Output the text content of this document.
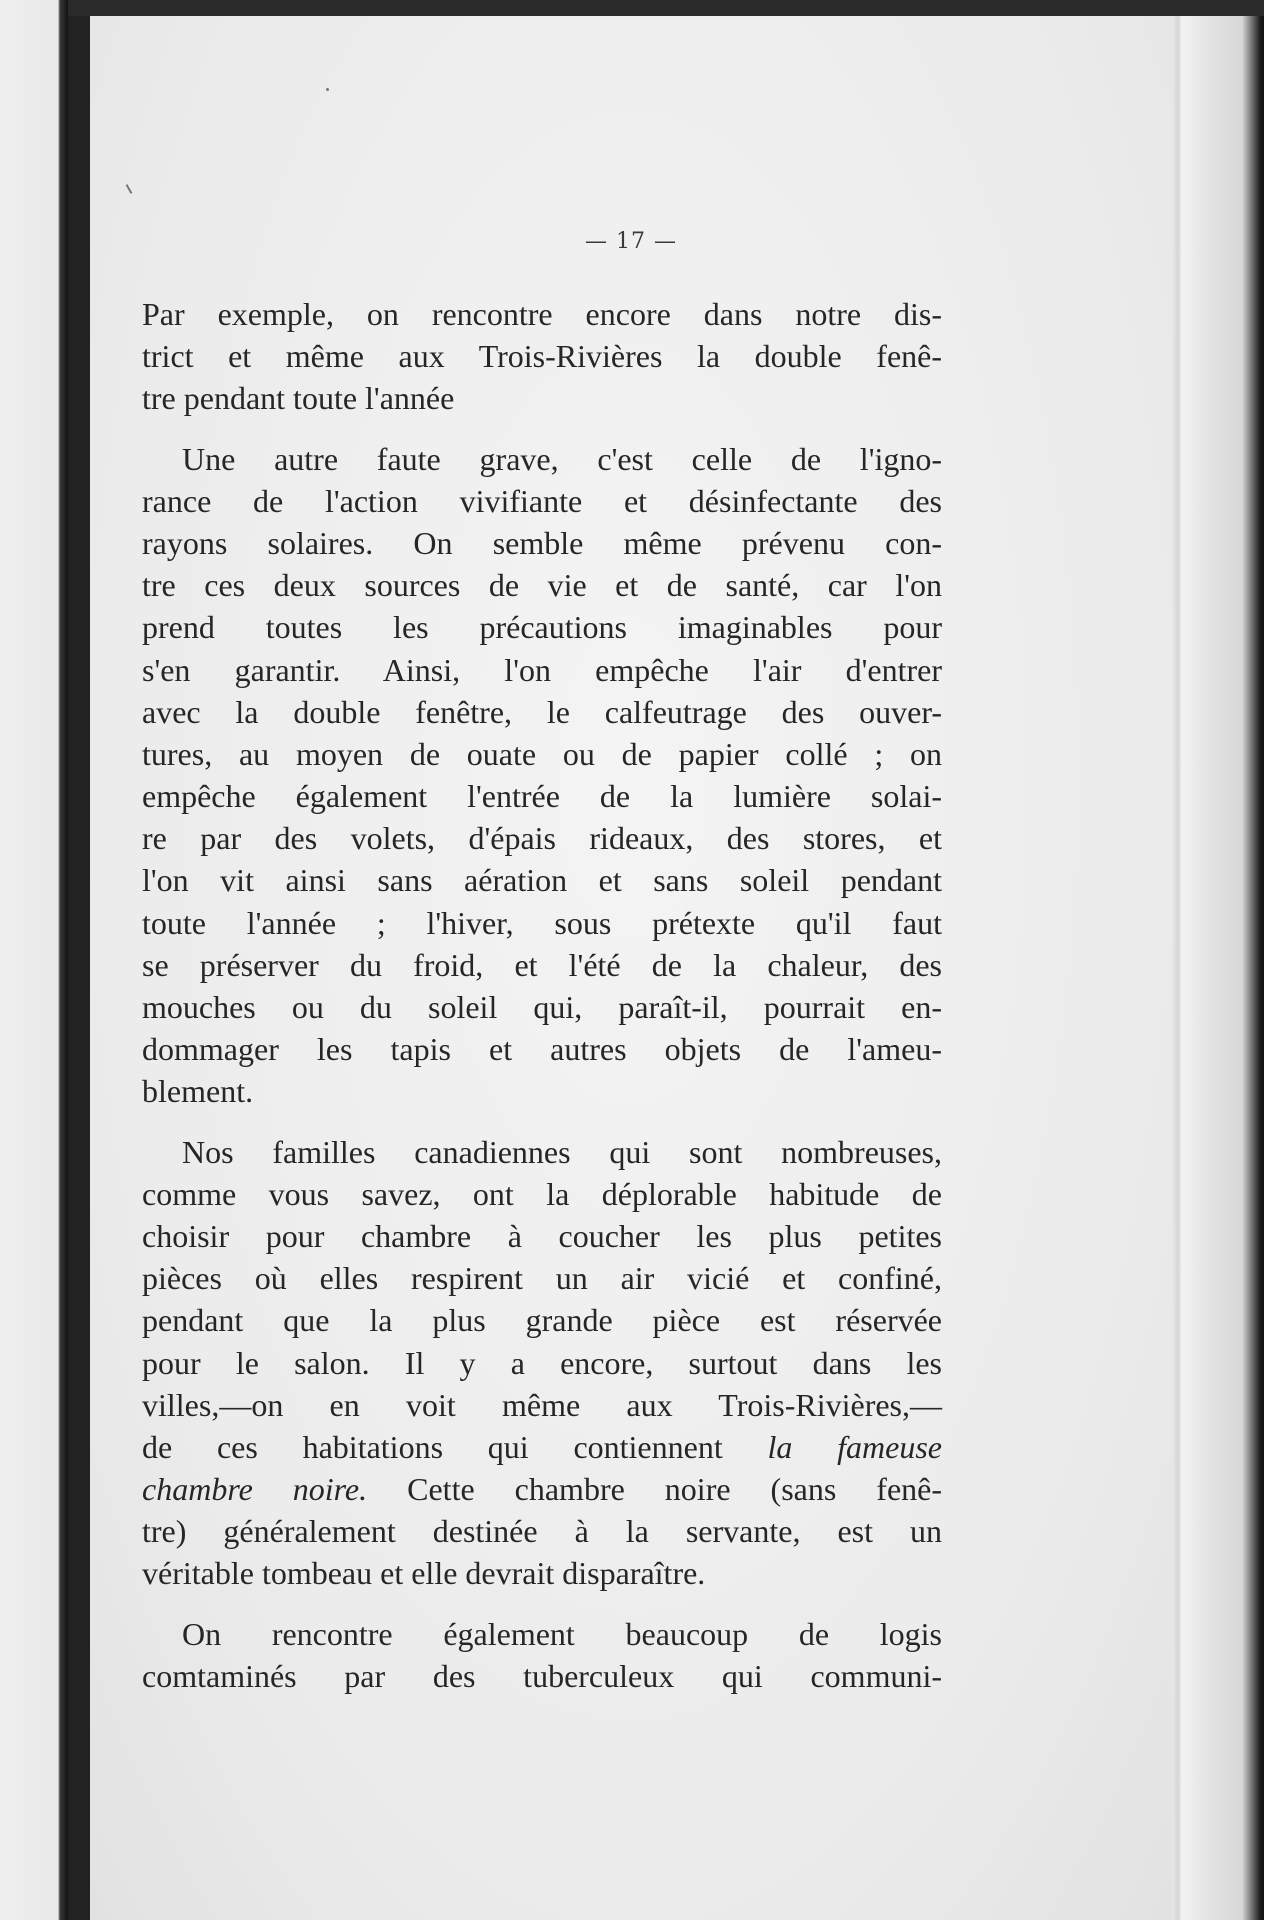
— 17 —

Par exemple, on rencontre encore dans notre dis-
trict et même aux Trois-Rivières la double fenê-
tre pendant toute l'année

Une autre faute grave, c'est celle de l'igno-
rance de l'action vivifiante et désinfectante des
rayons solaires. On semble même prévenu con-
tre ces deux sources de vie et de santé, car l'on
prend toutes les précautions imaginables pour
s'en garantir. Ainsi, l'on empêche l'air d'entrer
avec la double fenêtre, le calfeutrage des ouver-
tures, au moyen de ouate ou de papier collé ; on
empêche également l'entrée de la lumière solai-
re par des volets, d'épais rideaux, des stores, et
l'on vit ainsi sans aération et sans soleil pendant
toute l'année ; l'hiver, sous prétexte qu'il faut
se préserver du froid, et l'été de la chaleur, des
mouches ou du soleil qui, paraît-il, pourrait en-
dommager les tapis et autres objets de l'ameu-
blement.

Nos familles canadiennes qui sont nombreuses,
comme vous savez, ont la déplorable habitude de
choisir pour chambre à coucher les plus petites
pièces où elles respirent un air vicié et confiné,
pendant que la plus grande pièce est réservée
pour le salon. Il y a encore, surtout dans les
villes,—on en voit même aux Trois-Rivières,—
de ces habitations qui contiennent la fameuse
chambre noire. Cette chambre noire (sans fenê-
tre) généralement destinée à la servante, est un
véritable tombeau et elle devrait disparaître.

On rencontre également beaucoup de logis
comtaminés par des tuberculeux qui communi-
